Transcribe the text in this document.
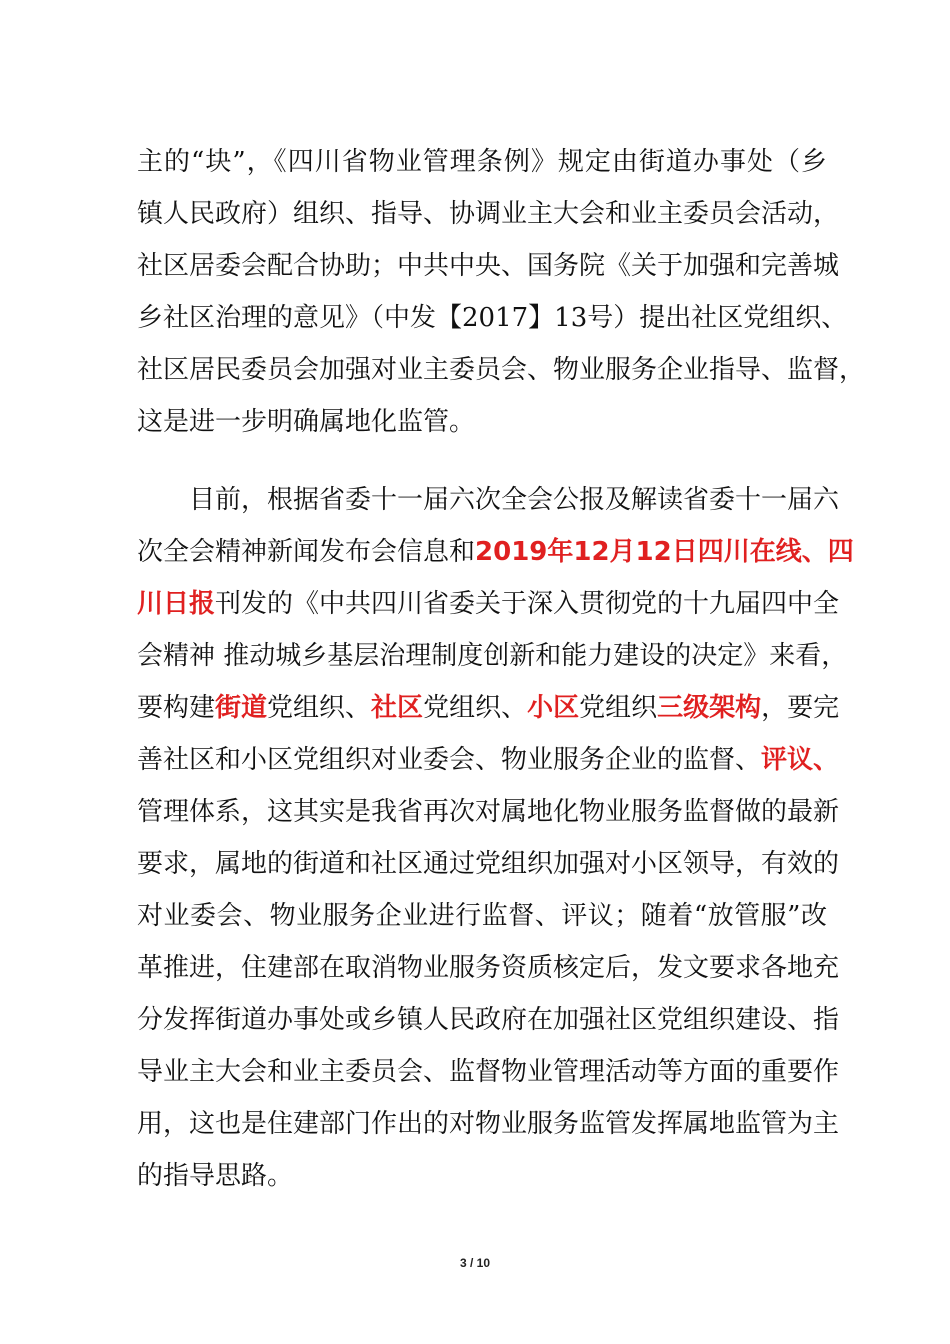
主的“块”，《四川省物业管理条例》规定由街道办事处（乡
镇人民政府）组织、指导、协调业主大会和业主委员会活动，
社区居委会配合协助；中共中央、国务院《关于加强和完善城
乡社区治理的意见》（中发【2017】13号）提出社区党组织、
社区居民委员会加强对业主委员会、物业服务企业指导、监督，
这是进一步明确属地化监管。
目前，根据省委十一届六次全会公报及解读省委十一届六
次全会精神新闻发布会信息和2019年12月12日四川在线、四
川日报刊发的《中共四川省委关于深入贯彻党的十九届四中全
会精神 推动城乡基层治理制度创新和能力建设的决定》来看，
要构建街道党组织、社区党组织、小区党组织三级架构，要完
善社区和小区党组织对业委会、物业服务企业的监督、评议、
管理体系，这其实是我省再次对属地化物业服务监督做的最新
要求，属地的街道和社区通过党组织加强对小区领导，有效的
对业委会、物业服务企业进行监督、评议；随着“放管服”改
革推进，住建部在取消物业服务资质核定后，发文要求各地充
分发挥街道办事处或乡镇人民政府在加强社区党组织建设、指
导业主大会和业主委员会、监督物业管理活动等方面的重要作
用，这也是住建部门作出的对物业服务监管发挥属地监管为主
的指导思路。
3 / 10
